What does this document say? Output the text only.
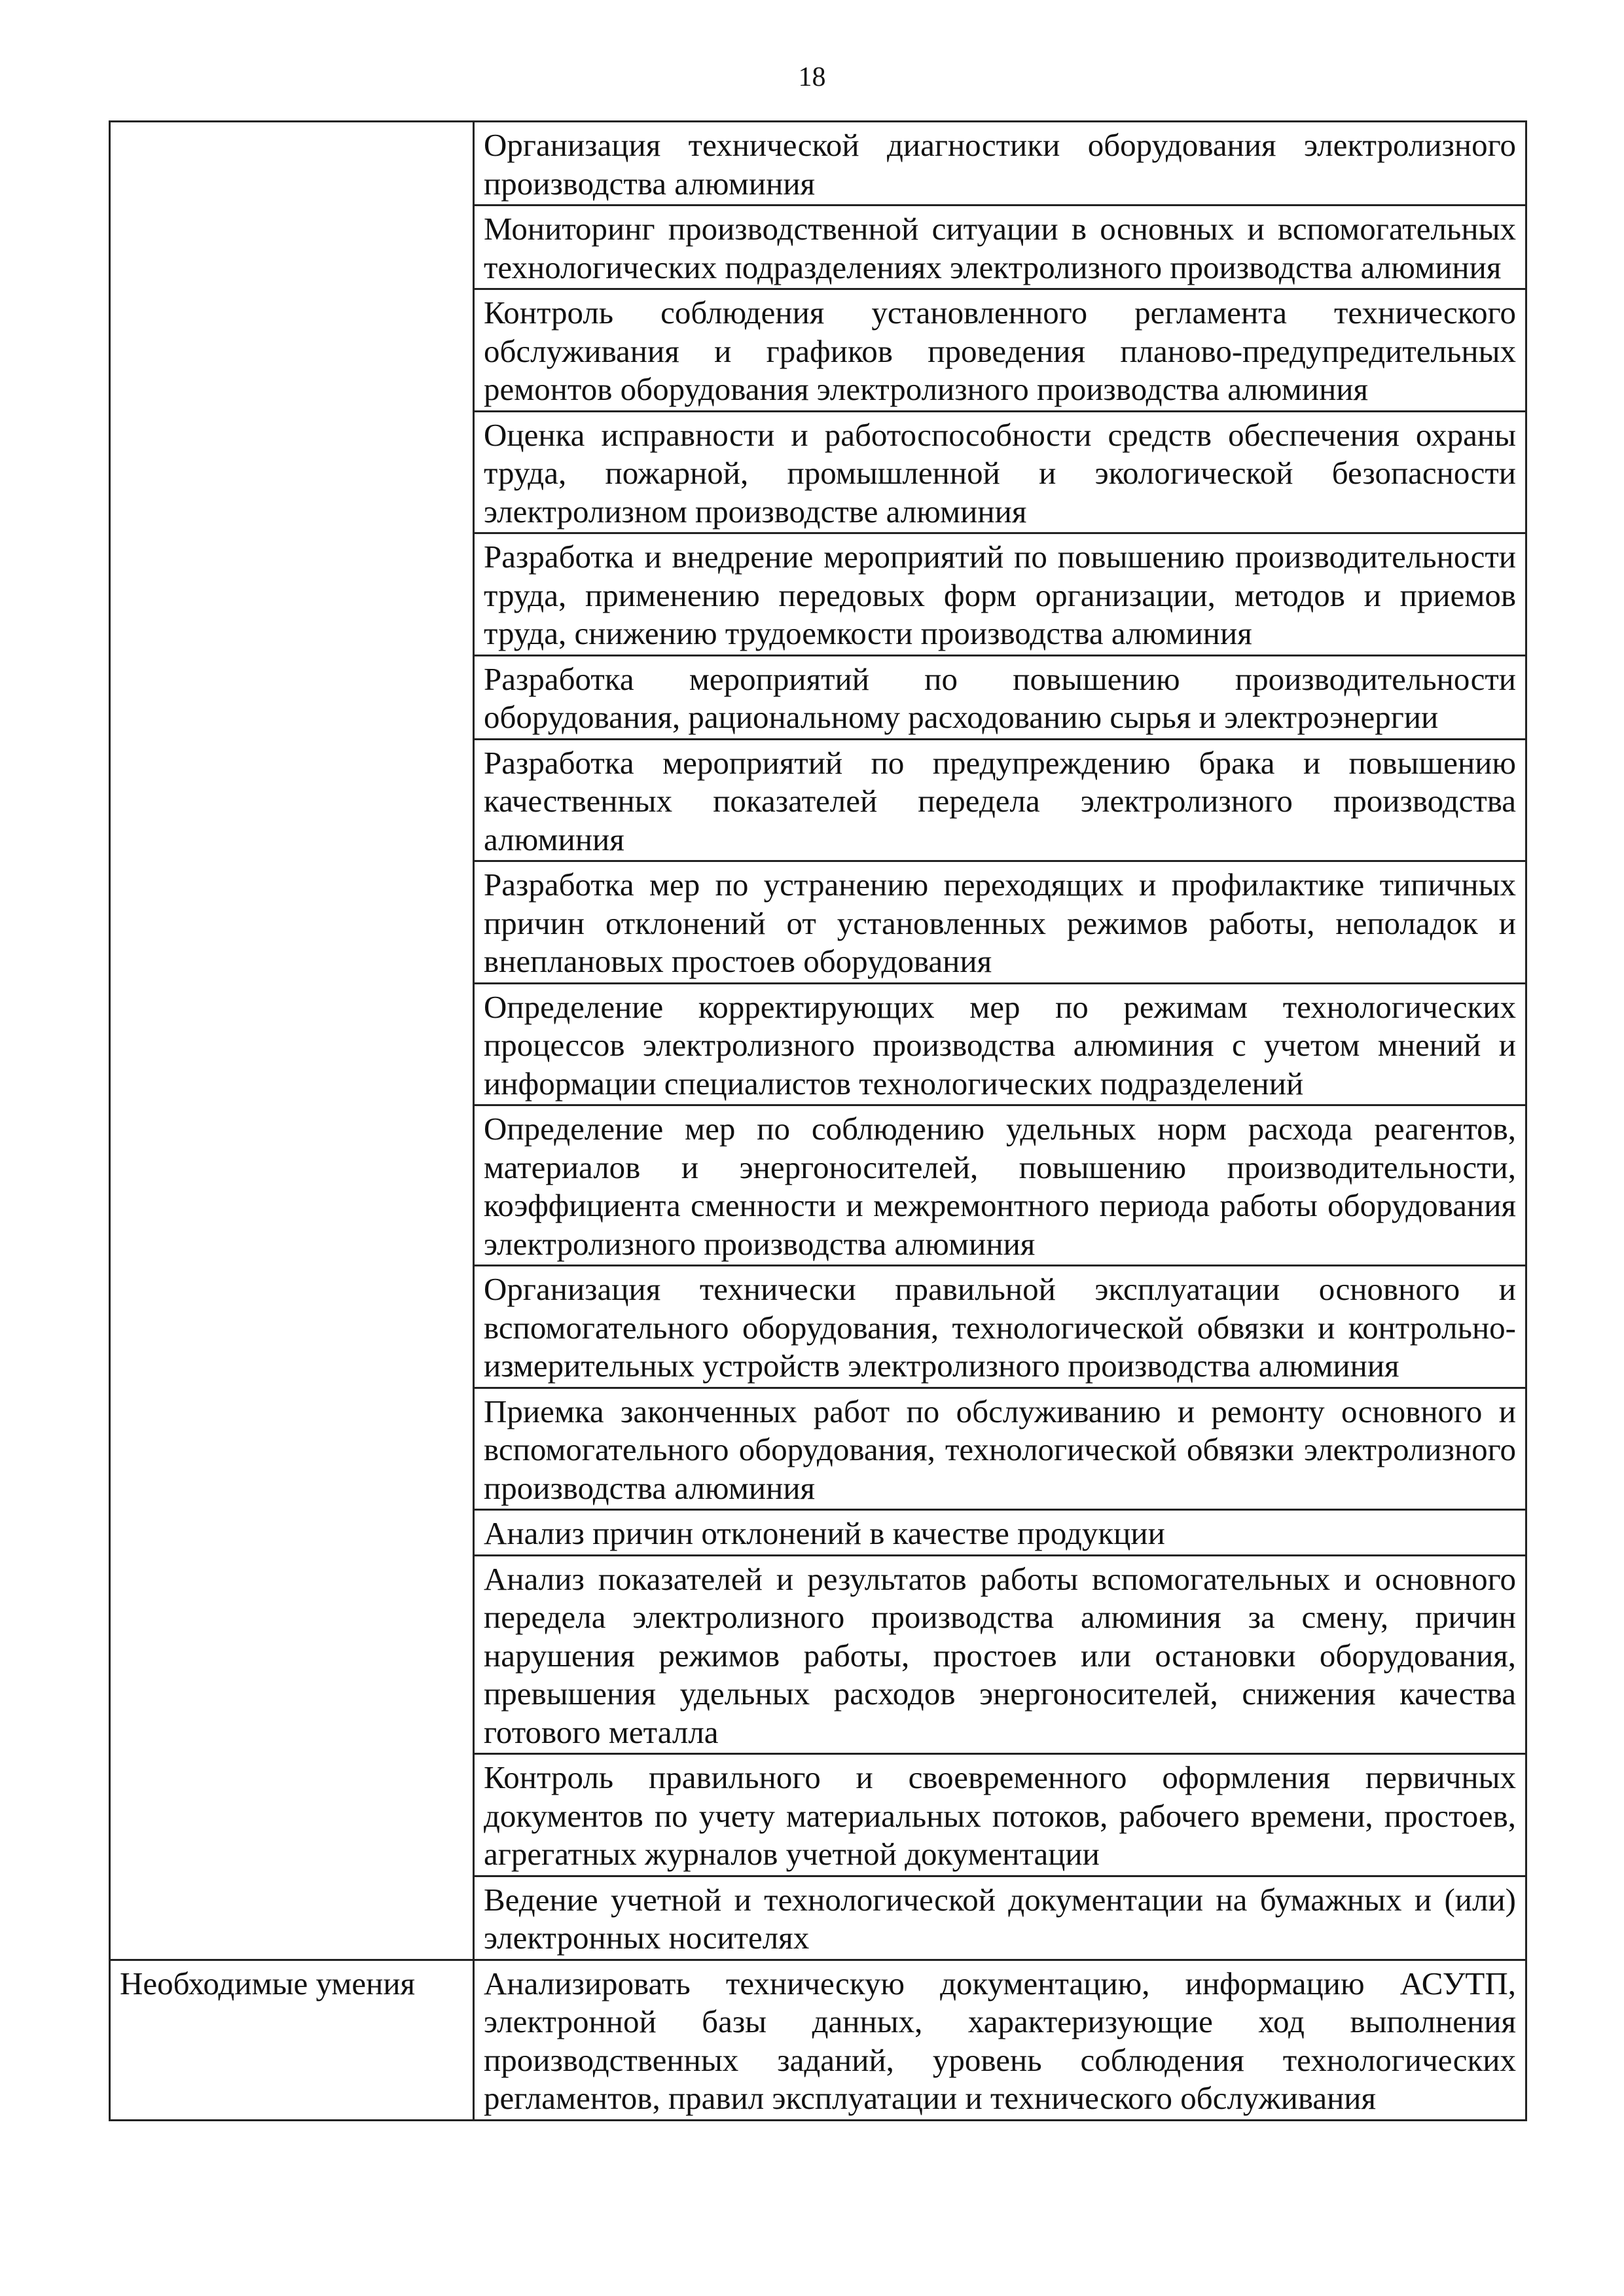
18
	Организация технической диагностики оборудования электролизного производства алюминия
	Мониторинг производственной ситуации в основных и вспомогательных технологических подразделениях электролизного производства алюминия
	Контроль соблюдения установленного регламента технического обслуживания и графиков проведения планово-предупредительных ремонтов оборудования электролизного производства алюминия
	Оценка исправности и работоспособности средств обеспечения охраны труда, пожарной, промышленной и экологической безопасности электролизном производстве алюминия
	Разработка и внедрение мероприятий по повышению производительности труда, применению передовых форм организации, методов и приемов труда, снижению трудоемкости производства алюминия
	Разработка мероприятий по повышению производительности оборудования, рациональному расходованию сырья и электроэнергии
	Разработка мероприятий по предупреждению брака и повышению качественных показателей передела электролизного производства алюминия
	Разработка мер по устранению переходящих и профилактике типичных причин отклонений от установленных режимов работы, неполадок и внеплановых простоев оборудования
	Определение корректирующих мер по режимам технологических процессов электролизного производства алюминия с учетом мнений и информации специалистов технологических подразделений
	Определение мер по соблюдению удельных норм расхода реагентов, материалов и энергоносителей, повышению производительности, коэффициента сменности и межремонтного периода работы оборудования электролизного производства алюминия
	Организация технически правильной эксплуатации основного и вспомогательного оборудования, технологической обвязки и контрольно-измерительных устройств электролизного производства алюминия
	Приемка законченных работ по обслуживанию и ремонту основного и вспомогательного оборудования, технологической обвязки электролизного производства алюминия
	Анализ причин отклонений в качестве продукции
	Анализ показателей и результатов работы вспомогательных и основного передела электролизного производства алюминия за смену, причин нарушения режимов работы, простоев или остановки оборудования, превышения удельных расходов энергоносителей, снижения качества готового металла
	Контроль правильного и своевременного оформления первичных документов по учету материальных потоков, рабочего времени, простоев, агрегатных журналов учетной документации
	Ведение учетной и технологической документации на бумажных и (или) электронных носителях
Необходимые умения	Анализировать техническую документацию, информацию АСУТП, электронной базы данных, характеризующие ход выполнения производственных заданий, уровень соблюдения технологических регламентов, правил эксплуатации и технического обслуживания
